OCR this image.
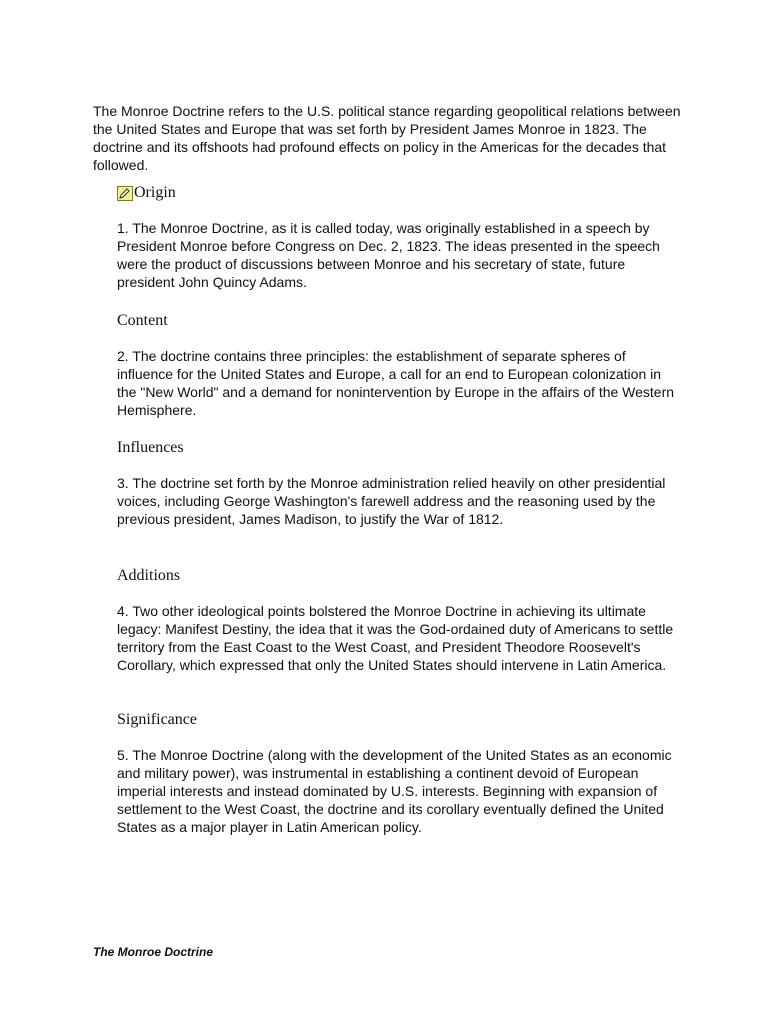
The Monroe Doctrine refers to the U.S. political stance regarding geopolitical relations between the United States and Europe that was set forth by President James Monroe in 1823. The doctrine and its offshoots had profound effects on policy in the Americas for the decades that followed.

Origin

1. The Monroe Doctrine, as it is called today, was originally established in a speech by President Monroe before Congress on Dec. 2, 1823. The ideas presented in the speech were the product of discussions between Monroe and his secretary of state, future president John Quincy Adams.

Content

2. The doctrine contains three principles: the establishment of separate spheres of influence for the United States and Europe, a call for an end to European colonization in the "New World" and a demand for nonintervention by Europe in the affairs of the Western Hemisphere.

Influences

3. The doctrine set forth by the Monroe administration relied heavily on other presidential voices, including George Washington's farewell address and the reasoning used by the previous president, James Madison, to justify the War of 1812.

Additions

4. Two other ideological points bolstered the Monroe Doctrine in achieving its ultimate legacy: Manifest Destiny, the idea that it was the God-ordained duty of Americans to settle territory from the East Coast to the West Coast, and President Theodore Roosevelt's Corollary, which expressed that only the United States should intervene in Latin America.

Significance

5. The Monroe Doctrine (along with the development of the United States as an economic and military power), was instrumental in establishing a continent devoid of European imperial interests and instead dominated by U.S. interests. Beginning with expansion of settlement to the West Coast, the doctrine and its corollary eventually defined the United States as a major player in Latin American policy.

The Monroe Doctrine
